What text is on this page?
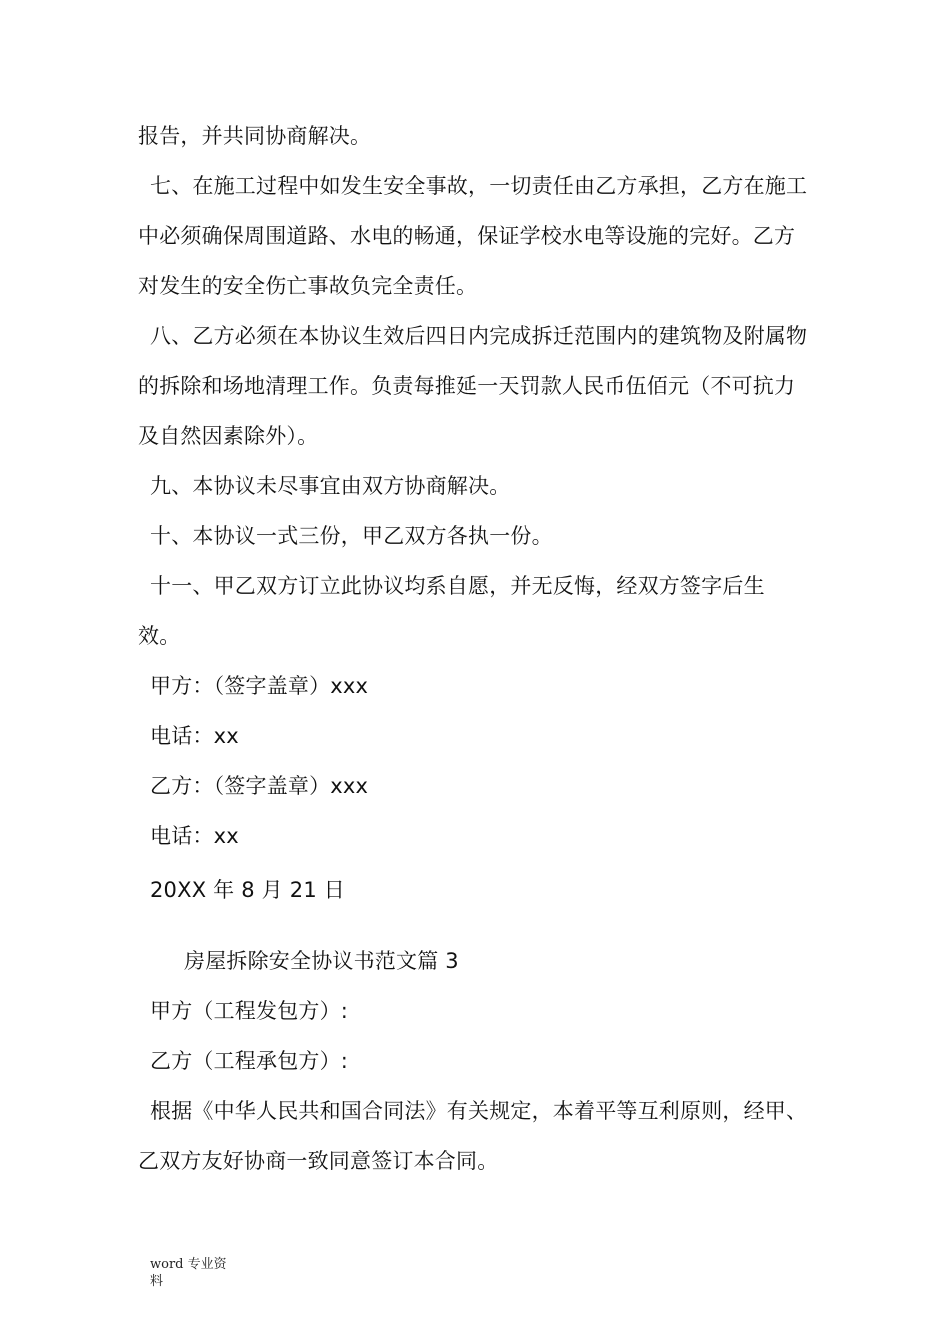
报告，并共同协商解决。
七、在施工过程中如发生安全事故，一切责任由乙方承担，乙方在施工
中必须确保周围道路、水电的畅通，保证学校水电等设施的完好。乙方
对发生的安全伤亡事故负完全责任。
八、乙方必须在本协议生效后四日内完成拆迁范围内的建筑物及附属物
的拆除和场地清理工作。负责每推延一天罚款人民币伍佰元（不可抗力
及自然因素除外）。
九、本协议未尽事宜由双方协商解决。
十、本协议一式三份，甲乙双方各执一份。
十一、甲乙双方订立此协议均系自愿，并无反悔，经双方签字后生
效。
甲方：（签字盖章）xxx
电话：xx
乙方：（签字盖章）xxx
电话：xx
20XX 年 8 月 21 日
房屋拆除安全协议书范文篇 3
甲方（工程发包方）:
乙方（工程承包方）:
根据《中华人民共和国合同法》有关规定，本着平等互利原则，经甲、
乙双方友好协商一致同意签订本合同。
word 专业资
料
